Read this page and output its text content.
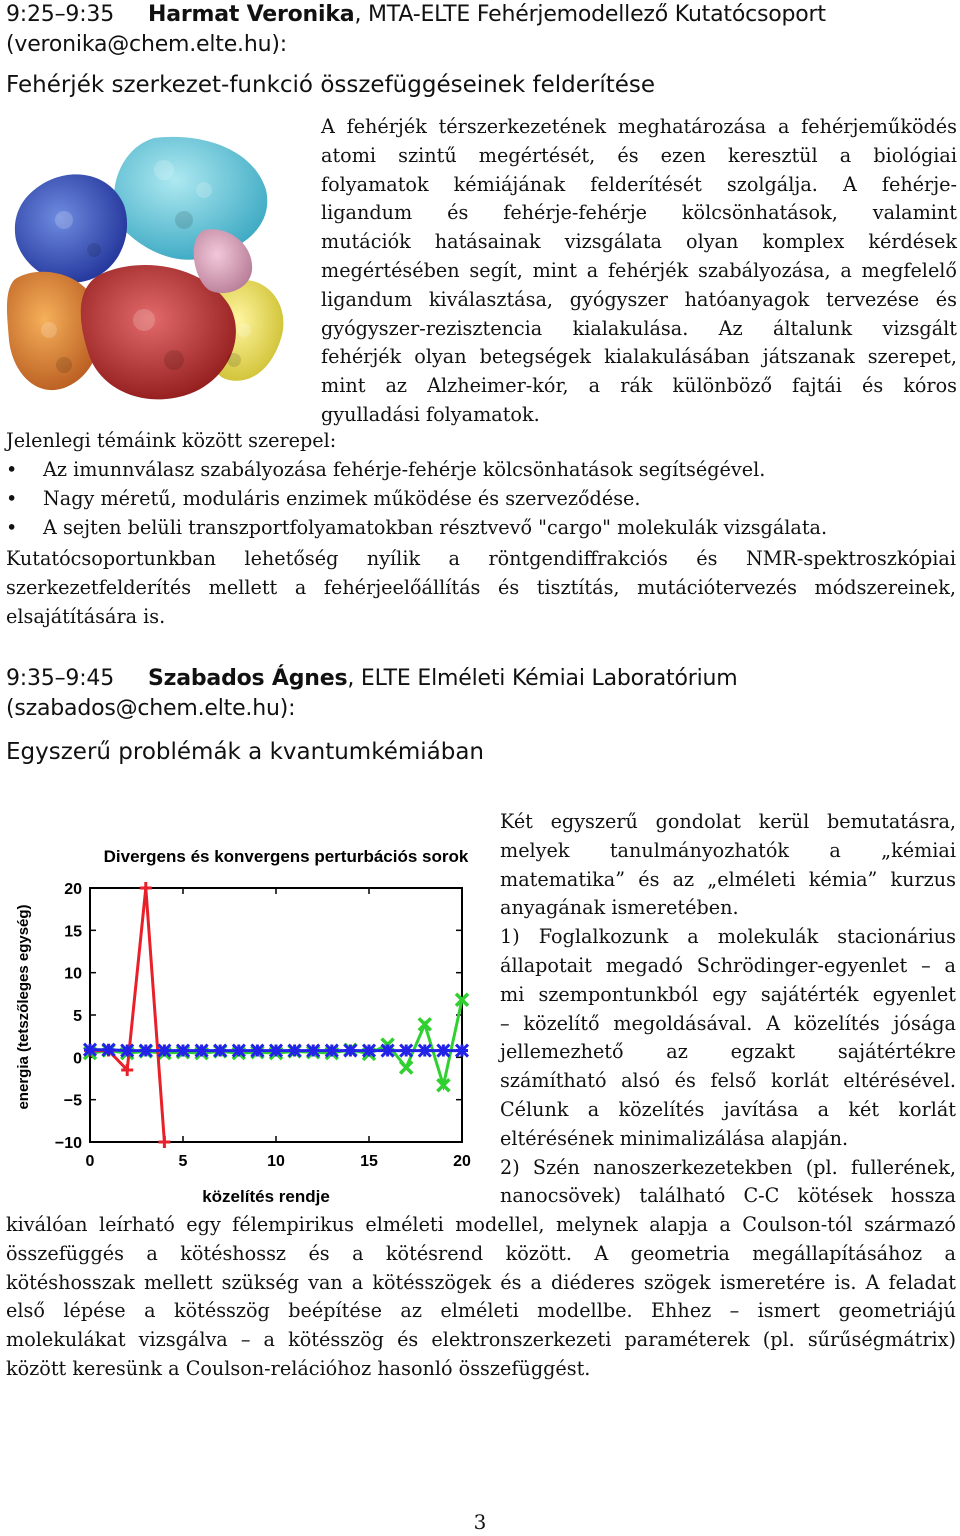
9:25–9:35 Harmat Veronika, MTA-ELTE Fehérjemodellező Kutatócsoport
(veronika@chem.elte.hu):
Fehérjék szerkezet-funkció összefüggéseinek felderítése

A fehérjék térszerkezetének meghatározása a fehérjeműködés

atomi szintű megértését, és ezen keresztül a biológiai

folyamatok kémiájának felderítését szolgálja. A fehérje-

ligandum és fehérje-fehérje kölcsönhatások, valamint

mutációk hatásainak vizsgálata olyan komplex kérdések

megértésében segít, mint a fehérjék szabályozása, a megfelelő

ligandum kiválasztása, gyógyszer hatóanyagok tervezése és

gyógyszer-rezisztencia kialakulása. Az általunk vizsgált

fehérjék olyan betegségek kialakulásában játszanak szerepet,

mint az Alzheimer-kór, a rák különböző fajtái és kóros

gyulladási folyamatok.

Jelenlegi témáink között szerepel:
• Az imunnválasz szabályozása fehérje-fehérje kölcsönhatások segítségével.
• Nagy méretű, moduláris enzimek működése és szerveződése.
• A sejten belüli transzportfolyamatokban résztvevő "cargo" molekulák vizsgálata.

Kutatócsoportunkban lehetőség nyílik a röntgendiffrakciós és NMR-spektroszkópiai

szerkezetfelderítés mellett a fehérjeelőállítás és tisztítás, mutációtervezés módszereinek,

elsajátítására is.

9:35–9:45 Szabados Ágnes, ELTE Elméleti Kémiai Laboratórium
(szabados@chem.elte.hu):
Egyszerű problémák a kvantumkémiában
Divergens és konvergens perturbációs sorok
20
15
10
5
0
−5
−10
0	5	10	15	20
közelítés rendje
energia (tetszőleges egység)

Két egyszerű gondolat kerül bemutatásra,

melyek tanulmányozhatók a „kémiai

matematika” és az „elméleti kémia” kurzus

anyagának ismeretében.

1) Foglalkozunk a molekulák stacionárius

állapotait megadó Schrödinger-egyenlet – a

mi szempontunkból egy sajátérték egyenlet

– közelítő megoldásával. A közelítés jósága

jellemezhető az egzakt sajátértékre

számítható alsó és felső korlát eltérésével.

Célunk a közelítés javítása a két korlát

eltérésének minimalizálása alapján.

2) Szén nanoszerkezetekben (pl. fullerének,

nanocsövek) található C-C kötések hossza

kiválóan leírható egy félempirikus elméleti modellel, melynek alapja a Coulson-tól származó

összefüggés a kötéshossz és a kötésrend között. A geometria megállapításához a

kötéshosszak mellett szükség van a kötésszögek és a diéderes szögek ismeretére is. A feladat

első lépése a kötésszög beépítése az elméleti modellbe. Ehhez – ismert geometriájú

molekulákat vizsgálva – a kötésszög és elektronszerkezeti paraméterek (pl. sűrűségmátrix)

között keresünk a Coulson-relációhoz hasonló összefüggést.

3
